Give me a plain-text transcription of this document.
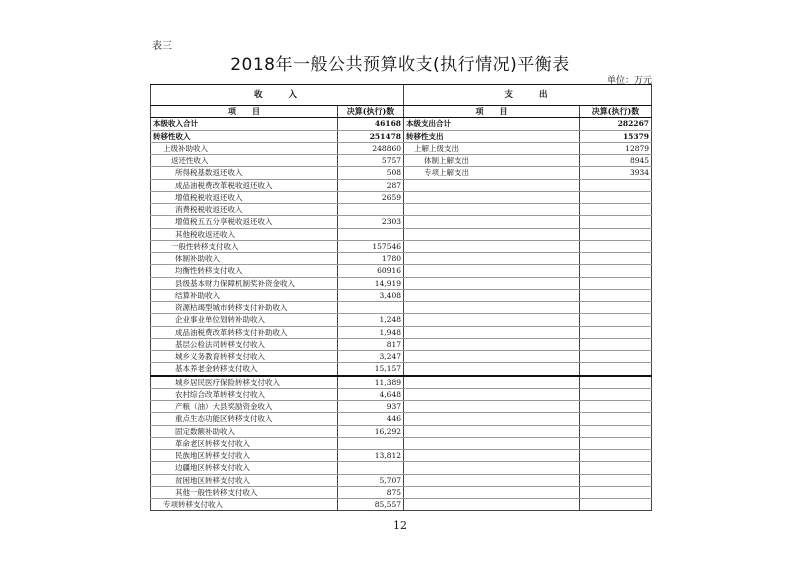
表三
2018年一般公共预算收支(执行情况)平衡表
单位：万元
收　　入		支　　出	
项　　目	决算(执行)数	项　　目	决算(执行)数
本级收入合计	46168	本级支出合计	282267
转移性收入	251478	转移性支出	15379
上级补助收入	248860	上解上级支出	12879
返还性收入	5757	体制上解支出	8945
所得税基数返还收入	508	专项上解支出	3934
成品油税费改革税收返还收入	287		
增值税税收返还收入	2659		
消费税税收返还收入			
增值税五五分享税收返还收入	2303		
其他税收返还收入			
一般性转移支付收入	157546		
体制补助收入	1780		
均衡性转移支付收入	60916		
县级基本财力保障机制奖补资金收入	14,919		
结算补助收入	3,408		
资源枯竭型城市转移支付补助收入			
企业事业单位划转补助收入	1,248		
成品油税费改革转移支付补助收入	1,948		
基层公检法司转移支付收入	817		
城乡义务教育转移支付收入	3,247		
基本养老金转移支付收入	15,157		
城乡居民医疗保险转移支付收入	11,389		
农村综合改革转移支付收入	4,648		
产粮（油）大县奖励资金收入	937		
重点生态功能区转移支付收入	446		
固定数额补助收入	16,292		
革命老区转移支付收入			
民族地区转移支付收入	13,812		
边疆地区转移支付收入			
贫困地区转移支付收入	5,707		
其他一般性转移支付收入	875		
专项转移支付收入	85,557		
12
